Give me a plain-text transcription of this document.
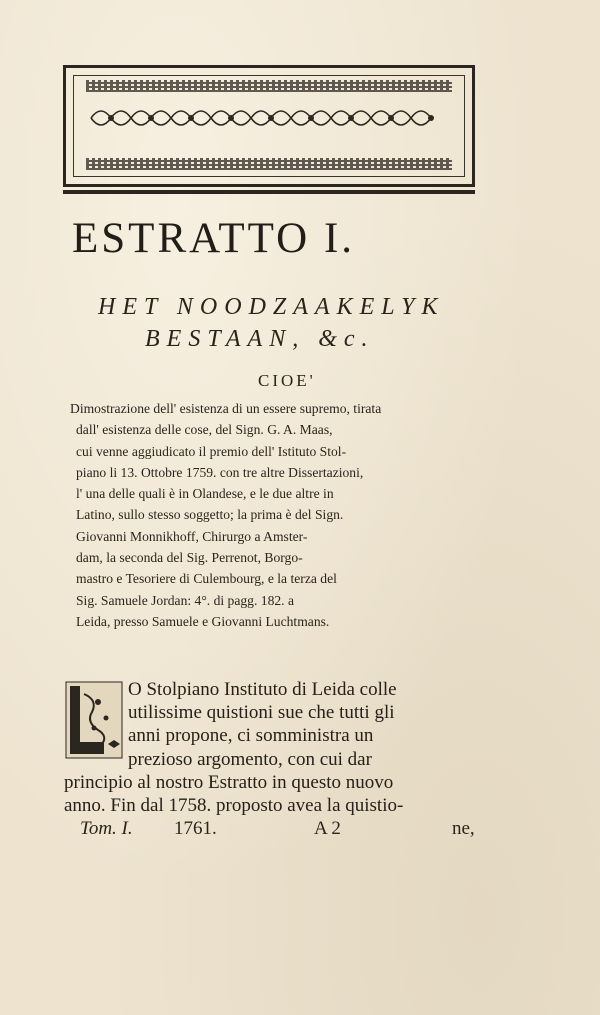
ESTRATTO I.
HET NOODZAAKELYK
BESTAAN, &c.
CIOE'
Dimostrazione dell' esistenza di un essere supremo, tirata
dall' esistenza delle cose, del Sign. G. A. Maas,
cui venne aggiudicato il premio dell' Istituto Stol-
piano li 13. Ottobre 1759. con tre altre Dissertazioni,
l' una delle quali è in Olandese, e le due altre in
Latino, sullo stesso soggetto; la prima è del Sign.
Giovanni Monnikhoff, Chirurgo a Amster-
dam, la seconda del Sig. Perrenot, Borgo-
mastro e Tesoriere di Culembourg, e la terza del
Sig. Samuele Jordan: 4°. di pagg. 182. a
Leida, presso Samuele e Giovanni Luchtmans.
O Stolpiano Instituto di Leida colle
utilissime quistioni sue che tutti gli
anni propone, ci somministra un
prezioso argomento, con cui dar
principio al nostro Estratto in questo nuovo
anno. Fin dal 1758. proposto avea la quistio-
Tom. I. 1761.	A 2	ne,
